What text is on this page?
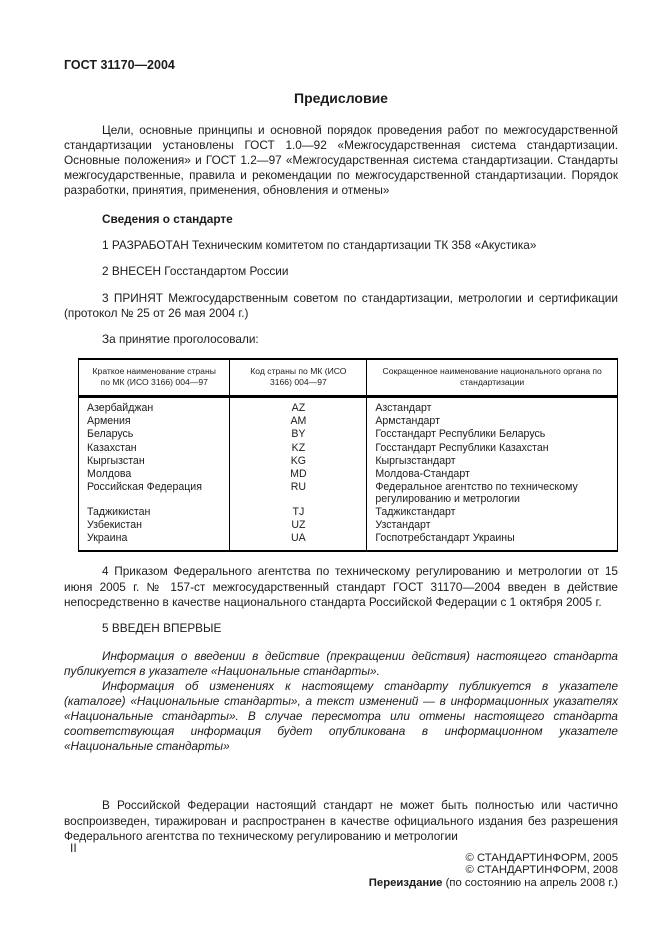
ГОСТ 31170—2004
Предисловие

Цели, основные принципы и основной порядок проведения работ по межгосударственной стандартизации установлены ГОСТ 1.0—92 «Межгосударственная система стандартизации. Основные положения» и ГОСТ 1.2—97 «Межгосударственная система стандартизации. Стандарты межгосударственные, правила и рекомендации по межгосударственной стандартизации. Порядок разработки, принятия, применения, обновления и отмены»

Сведения о стандарте

1 РАЗРАБОТАН Техническим комитетом по стандартизации ТК 358 «Акустика»

2 ВНЕСЕН Госстандартом России

3 ПРИНЯТ Межгосударственным советом по стандартизации, метрологии и сертификации (протокол № 25 от 26 мая 2004 г.)

За принятие проголосовали:

Краткое наименование страны по МК (ИСО 3166) 004—97	Код страны по МК (ИСО 3166) 004—97	Сокращенное наименование национального органа по стандартизации
Азербайджан	AZ	Азстандарт
Армения	AM	Армстандарт
Беларусь	BY	Госстандарт Республики Беларусь
Казахстан	KZ	Госстандарт Республики Казахстан
Кыргызстан	KG	Кыргызстандарт
Молдова	MD	Молдова-Стандарт
Российская Федерация	RU	Федеральное агентство по техническому регулированию и метрологии
Таджикистан	TJ	Таджикстандарт
Узбекистан	UZ	Узстандарт
Украина	UA	Госпотребстандарт Украины

4 Приказом Федерального агентства по техническому регулированию и метрологии от 15 июня 2005 г. № 157-ст межгосударственный стандарт ГОСТ 31170—2004 введен в действие непосредственно в качестве национального стандарта Российской Федерации с 1 октября 2005 г.

5 ВВЕДЕН ВПЕРВЫЕ

Информация о введении в действие (прекращении действия) настоящего стандарта публикуется в указателе «Национальные стандарты».

Информация об изменениях к настоящему стандарту публикуется в указателе (каталоге) «Национальные стандарты», а текст изменений — в информационных указателях «Национальные стандарты». В случае пересмотра или отмены настоящего стандарта соответствующая информация будет опубликована в информационном указателе «Национальные стандарты»

В Российской Федерации настоящий стандарт не может быть полностью или частично воспроизведен, тиражирован и распространен в качестве официального издания без разрешения Федерального агентства по техническому регулированию и метрологии

© СТАНДАРТИНФОРМ, 2005
© СТАНДАРТИНФОРМ, 2008
Переиздание (по состоянию на апрель 2008 г.)
II
